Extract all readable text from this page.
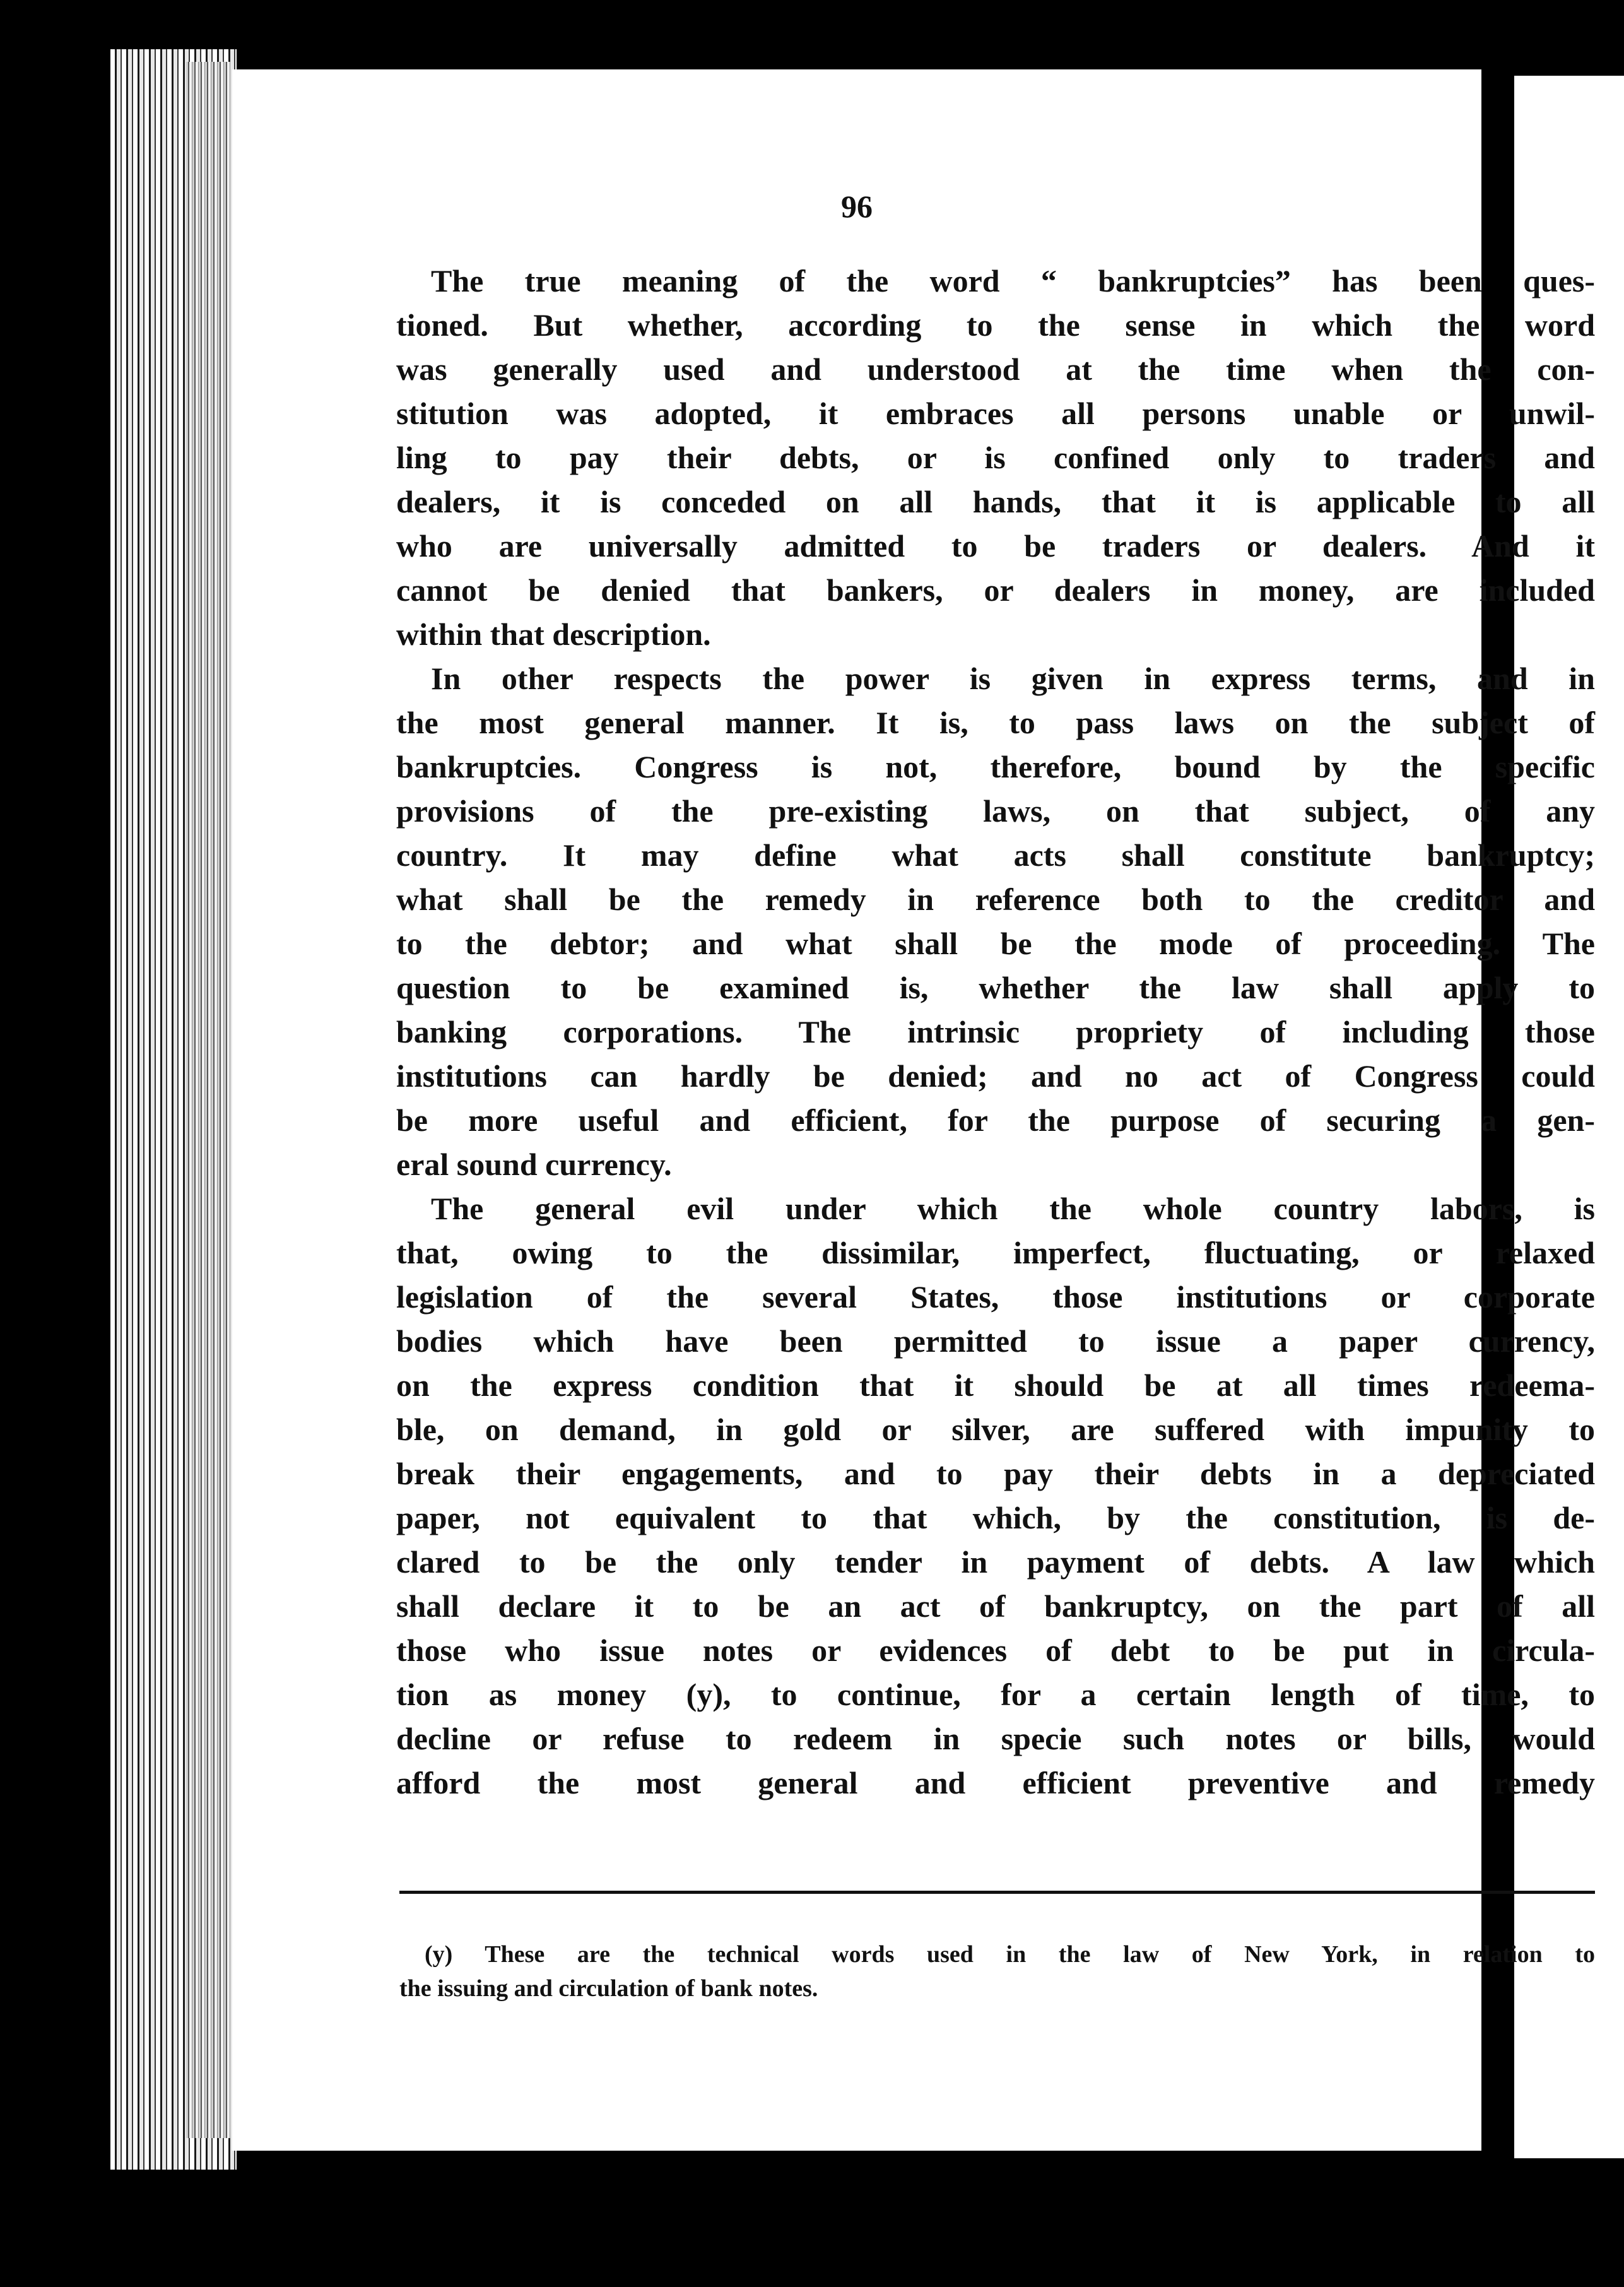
96
The true meaning of the word “ bankruptcies” has been ques-
tioned. But whether, according to the sense in which the word
was generally used and understood at the time when the con-
stitution was adopted, it embraces all persons unable or unwil-
ling to pay their debts, or is confined only to traders and
dealers, it is conceded on all hands, that it is applicable to all
who are universally admitted to be traders or dealers. And it
cannot be denied that bankers, or dealers in money, are included
within that description.
In other respects the power is given in express terms, and in
the most general manner. It is, to pass laws on the subject of
bankruptcies. Congress is not, therefore, bound by the specific
provisions of the pre-existing laws, on that subject, of any
country. It may define what acts shall constitute bankruptcy;
what shall be the remedy in reference both to the creditor and
to the debtor; and what shall be the mode of proceeding. The
question to be examined is, whether the law shall apply to
banking corporations. The intrinsic propriety of including those
institutions can hardly be denied; and no act of Congress could
be more useful and efficient, for the purpose of securing a gen-
eral sound currency.
The general evil under which the whole country labors, is
that, owing to the dissimilar, imperfect, fluctuating, or relaxed
legislation of the several States, those institutions or corporate
bodies which have been permitted to issue a paper currency,
on the express condition that it should be at all times redeema-
ble, on demand, in gold or silver, are suffered with impunity to
break their engagements, and to pay their debts in a depreciated
paper, not equivalent to that which, by the constitution, is de-
clared to be the only tender in payment of debts. A law which
shall declare it to be an act of bankruptcy, on the part of all
those who issue notes or evidences of debt to be put in circula-
tion as money (y), to continue, for a certain length of time, to
decline or refuse to redeem in specie such notes or bills, would
afford the most general and efficient preventive and remedy
(y) These are the technical words used in the law of New York, in relation to
the issuing and circulation of bank notes.
